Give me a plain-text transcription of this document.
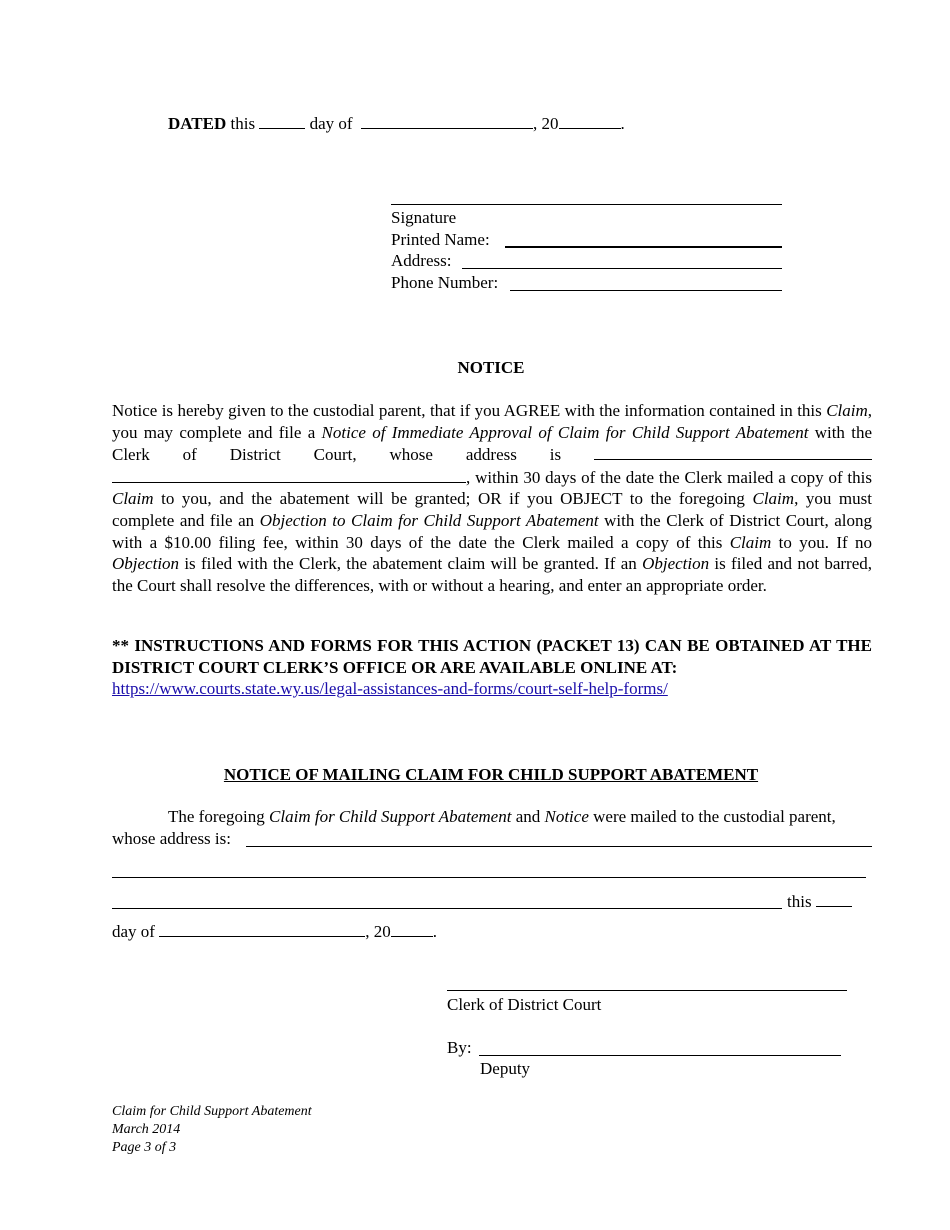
DATED this	day of	, 20	.
Signature
Printed Name:
Address:
Phone Number:
NOTICE
Notice is hereby given to the custodial parent, that if you AGREE with the information contained in this Claim, you may complete and file a Notice of Immediate Approval of Claim for Child Support Abatement with the Clerk of District Court, whose address is  , within 30 days of the date the Clerk mailed a copy of this Claim to you, and the abatement will be granted; OR if you OBJECT to the foregoing Claim, you must complete and file an Objection to Claim for Child Support Abatement with the Clerk of District Court, along with a $10.00 filing fee, within 30 days of the date the Clerk mailed a copy of this Claim to you. If no Objection is filed with the Clerk, the abatement claim will be granted. If an Objection is filed and not barred, the Court shall resolve the differences, with or without a hearing, and enter an appropriate order.
** INSTRUCTIONS AND FORMS FOR THIS ACTION (PACKET 13) CAN BE OBTAINED AT THE DISTRICT COURT CLERK’S OFFICE OR ARE AVAILABLE ONLINE AT:
https://www.courts.state.wy.us/legal-assistances-and-forms/court-self-help-forms/
NOTICE OF MAILING CLAIM FOR CHILD SUPPORT ABATEMENT
The foregoing Claim for Child Support Abatement and Notice were mailed to the custodial parent,
whose address is:
this
day of	, 20 .
Clerk of District Court
By:
Deputy
Claim for Child Support Abatement
March 2014
Page 3 of 3
